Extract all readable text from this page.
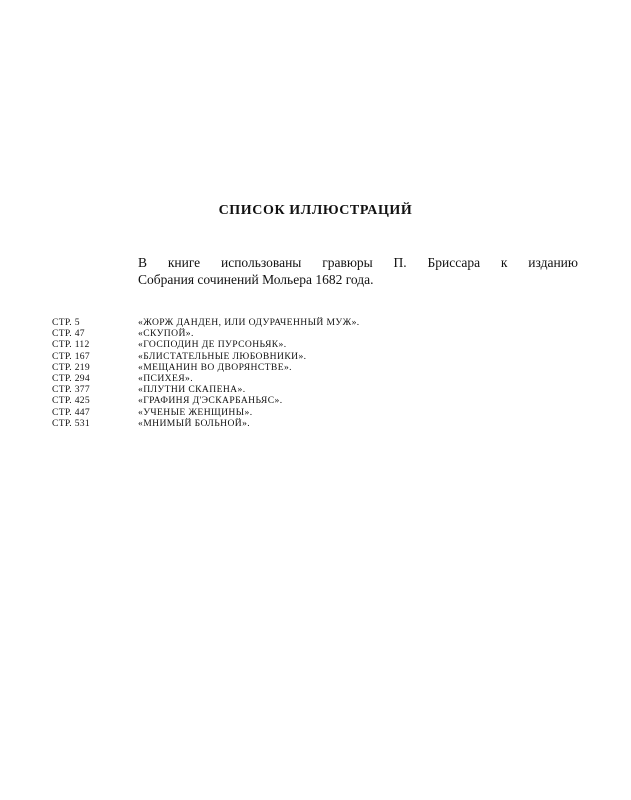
СПИСОК ИЛЛЮСТРАЦИЙ

В книге использованы гравюры П. Бриссара к изданию
Собрания сочинений Мольера 1682 года.

СТР. 5	«ЖОРЖ ДАНДЕН, ИЛИ ОДУРАЧЕННЫЙ МУЖ».
СТР. 47	«СКУПОЙ».
СТР. 112	«ГОСПОДИН ДЕ ПУРСОНЬЯК».
СТР. 167	«БЛИСТАТЕЛЬНЫЕ ЛЮБОВНИКИ».
СТР. 219	«МЕЩАНИН ВО ДВОРЯНСТВЕ».
СТР. 294	«ПСИХЕЯ».
СТР. 377	«ПЛУТНИ СКАПЕНА».
СТР. 425	«ГРАФИНЯ Д'ЭСКАРБАНЬЯС».
СТР. 447	«УЧЕНЫЕ ЖЕНЩИНЫ».
СТР. 531	«МНИМЫЙ БОЛЬНОЙ».
